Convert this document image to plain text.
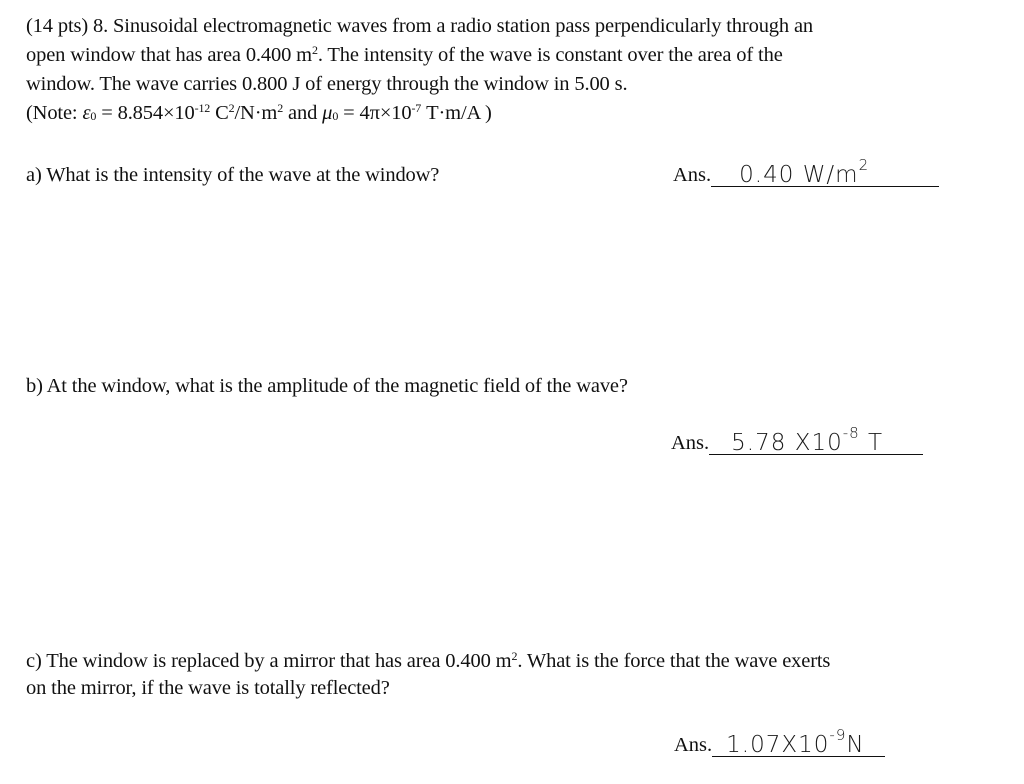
(14 pts) 8. Sinusoidal electromagnetic waves from a radio station pass perpendicularly through an
open window that has area 0.400 $m^2$. The intensity of the wave is constant over the area of the
window. The wave carries 0.800 J of energy through the window in 5.00 s.
(Note: $\varepsilon_0 = 8.854\times 10^{-12}$ $C^2/N\cdot m^2$ and $\mu_0 = 4\pi\times 10^{-7}$ T·m/A )
a) What is the intensity of the wave at the window?	Ans. 0.40 $W/m^2$
b) At the window, what is the amplitude of the magnetic field of the wave?
Ans. 5.78 $X10^{-8}$ T
c) The window is replaced by a mirror that has area 0.400 $m^2$. What is the force that the wave exerts
on the mirror, if the wave is totally reflected?
Ans. $1.07X10^{-9}N$
